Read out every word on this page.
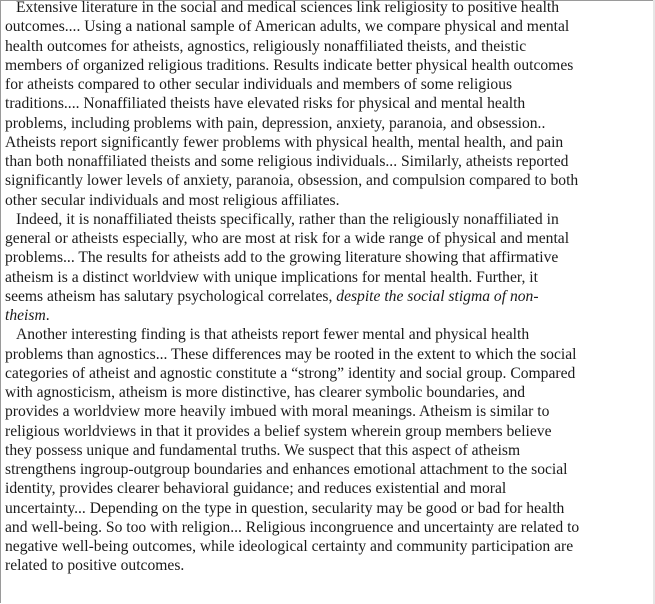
Extensive literature in the social and medical sciences link religiosity to positive health
outcomes.... Using a national sample of American adults, we compare physical and mental
health outcomes for atheists, agnostics, religiously nonaffiliated theists, and theistic
members of organized religious traditions. Results indicate better physical health outcomes
for atheists compared to other secular individuals and members of some religious
traditions.... Nonaffiliated theists have elevated risks for physical and mental health
problems, including problems with pain, depression, anxiety, paranoia, and obsession..
Atheists report significantly fewer problems with physical health, mental health, and pain
than both nonaffiliated theists and some religious individuals... Similarly, atheists reported
significantly lower levels of anxiety, paranoia, obsession, and compulsion compared to both
other secular individuals and most religious affiliates.

Indeed, it is nonaffiliated theists specifically, rather than the religiously nonaffiliated in
general or atheists especially, who are most at risk for a wide range of physical and mental
problems... The results for atheists add to the growing literature showing that affirmative
atheism is a distinct worldview with unique implications for mental health. Further, it
seems atheism has salutary psychological correlates, despite the social stigma of non-
theism.

Another interesting finding is that atheists report fewer mental and physical health
problems than agnostics... These differences may be rooted in the extent to which the social
categories of atheist and agnostic constitute a “strong” identity and social group. Compared
with agnosticism, atheism is more distinctive, has clearer symbolic boundaries, and
provides a worldview more heavily imbued with moral meanings. Atheism is similar to
religious worldviews in that it provides a belief system wherein group members believe
they possess unique and fundamental truths. We suspect that this aspect of atheism
strengthens ingroup-outgroup boundaries and enhances emotional attachment to the social
identity, provides clearer behavioral guidance; and reduces existential and moral
uncertainty... Depending on the type in question, secularity may be good or bad for health
and well-being. So too with religion... Religious incongruence and uncertainty are related to
negative well-being outcomes, while ideological certainty and community participation are
related to positive outcomes.
